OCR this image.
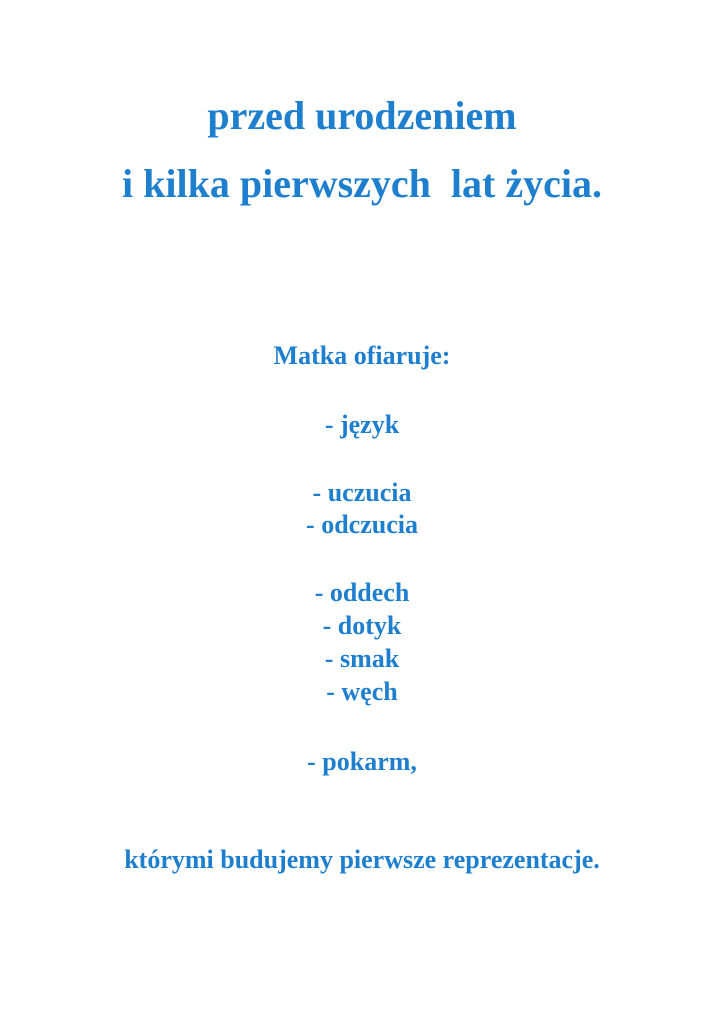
przed urodzeniem
i kilka pierwszych  lat życia.
Matka ofiaruje:
- język
- uczucia
- odczucia
- oddech
- dotyk
- smak
- węch
- pokarm,
którymi budujemy pierwsze reprezentacje.
